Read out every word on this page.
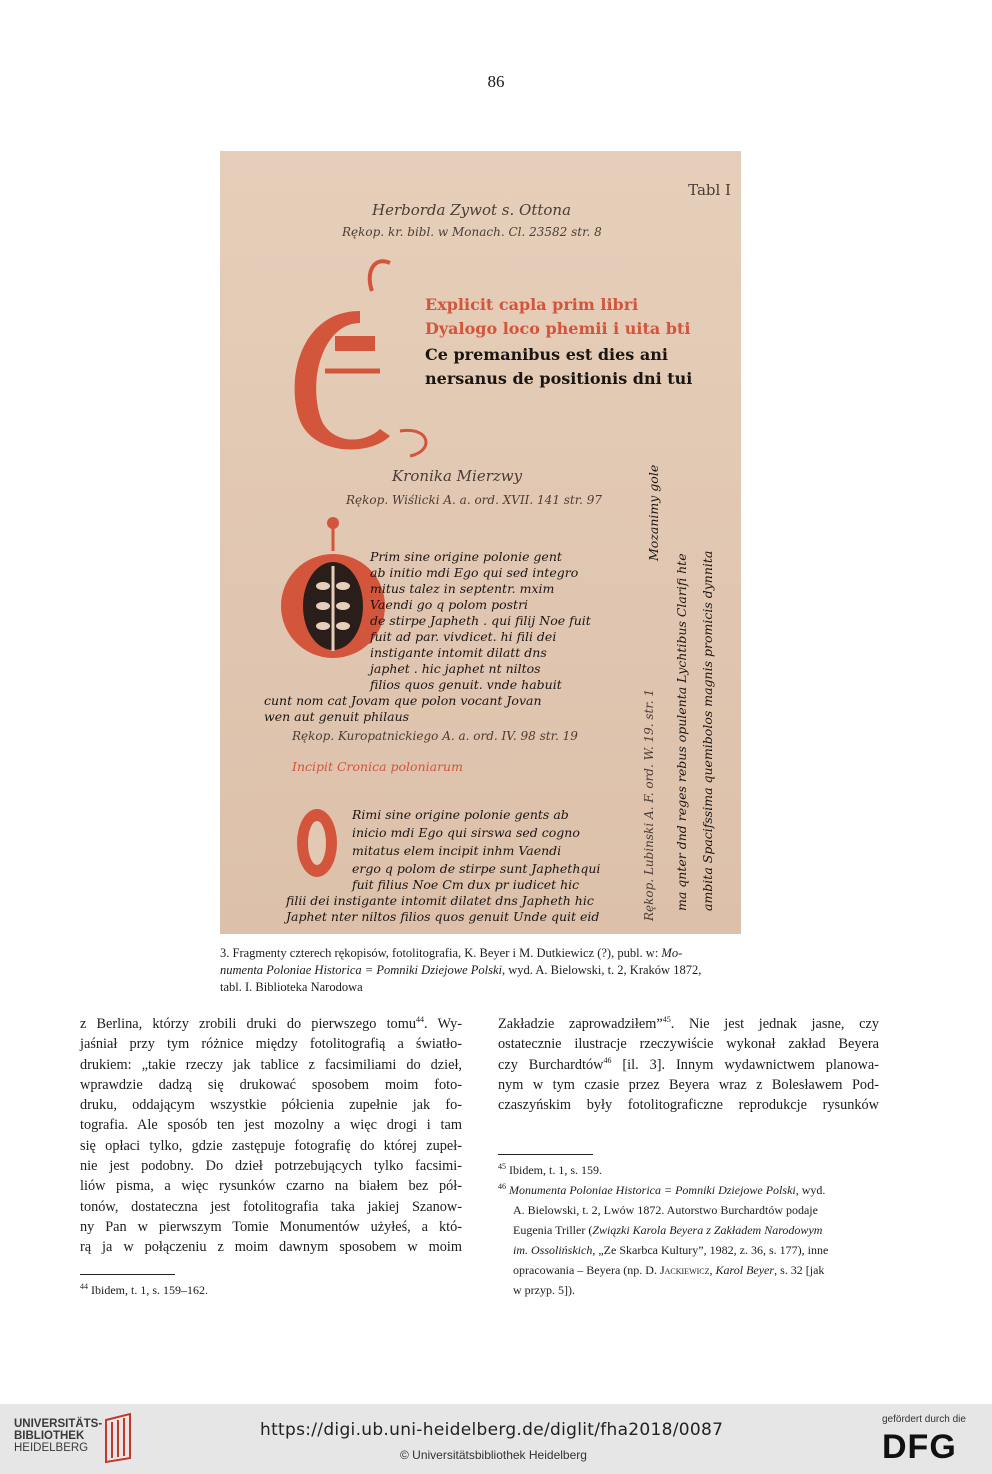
86
Tabl I
Herborda Zywot s. Ottona
Rękop. kr. bibl. w Monach. Cl. 23582 str. 8
Explicit capla prim libri
Dyalogo loco phemii i uita bti
Ce premanibus est dies ani
nersanus de positionis dni tui
Kronika Mierzwy
Rękop. Wiślicki A. a. ord. XVII. 141 str. 97
Prim sine origine polonie gent
ab initio mdi Ego qui sed integro
mitus talez in septentr. mxim
Vaendi go q polom postri
de stirpe Japheth . qui filij Noe fuit
fuit ad par. vivdicet. hi fili dei
instigante intomit dilatt dns
japhet . hic japhet nt niltos
filios quos genuit. vnde habuit
cunt nom cat Jovam que polon vocant Jovan
wen aut genuit philaus
Rękop. Kuropatnickiego A. a. ord. IV. 98 str. 19
Incipit Cronica poloniarum
Rimi sine origine polonie gents ab
inicio mdi Ego qui sirswa sed cogno
mitatus elem incipit inhm Vaendi
ergo q polom de stirpe sunt Japhethqui
fuit filius Noe Cm dux pr iudicet hic
filii dei instigante intomit dilatet dns Japheth hic
Japhet nter niltos filios quos genuit Unde quit eid	Rękop. Lubinski A. F. ord. W. 19. str. 1
Mozanimy gole
ma qnter dnd reges rebus opulenta Lychtibus Clarifi hte ambita Spacifssima quemibolos magnis promicis dynnita
3. Fragmenty czterech rękopisów, fotolitografia, K. Beyer i M. Dutkiewicz (?), publ. w: Mo-
numenta Poloniae Historica = Pomniki Dziejowe Polski, wyd. A. Bielowski, t. 2, Kraków 1872,
tabl. I. Biblioteka Narodowa
z Berlina, którzy zrobili druki do pierwszego tomu$^{44}$. Wy-
jaśniał przy tym różnice między fotolitografią a światło-
drukiem: „takie rzeczy jak tablice z facsimiliami do dzieł,
wprawdzie dadzą się drukować sposobem moim foto-
druku, oddającym wszystkie półcienia zupełnie jak fo-
tografia. Ale sposób ten jest mozolny a więc drogi i tam
się opłaci tylko, gdzie zastępuje fotografię do której zupeł-
nie jest podobny. Do dzieł potrzebujących tylko facsimi-
liów pisma, a więc rysunków czarno na białem bez pół-
tonów, dostateczna jest fotolitografia taka jakiej Szanow-
ny Pan w pierwszym Tomie Monumentów użyłeś, a któ-
rą ja w połączeniu z moim dawnym sposobem w moim
Zakładzie zaprowadziłem”$^{45}$. Nie jest jednak jasne, czy
ostatecznie ilustracje rzeczywiście wykonał zakład Beyera
czy Burchardtów$^{46}$ [il. 3]. Innym wydawnictwem planowa-
nym w tym czasie przez Beyera wraz z Bolesławem Pod-
czaszyńskim były fotolitograficzne reprodukcje rysunków
$^{44}$ Ibidem, t. 1, s. 159–162.
$^{45}$ Ibidem, t. 1, s. 159.
$^{46}$ Monumenta Poloniae Historica = Pomniki Dziejowe Polski, wyd.
A. Bielowski, t. 2, Lwów 1872. Autorstwo Burchardtów podaje
Eugenia Triller (Związki Karola Beyera z Zakładem Narodowym
im. Ossolińskich, „Ze Skarbca Kultury”, 1982, z. 36, s. 177), inne
opracowania – Beyera (np. D. Jackiewicz, Karol Beyer, s. 32 [jak
w przyp. 5]).
UNIVERSITÄTS-
BIBLIOTHEK
HEIDELBERG
https://digi.ub.uni-heidelberg.de/diglit/fha2018/0087
© Universitätsbibliothek Heidelberg
gefördert durch die
DFG
